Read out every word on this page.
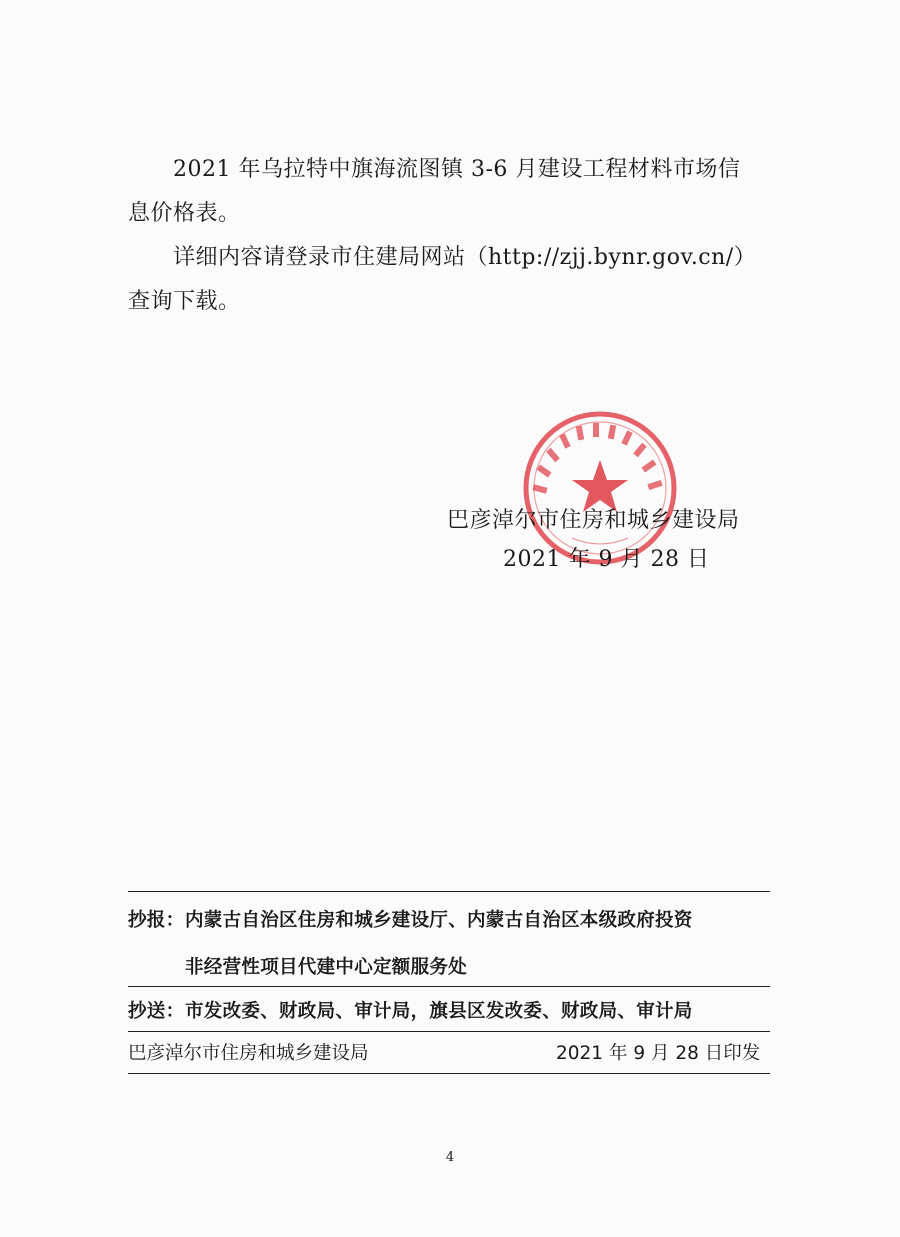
2021 年乌拉特中旗海流图镇 3-6 月建设工程材料市场信
息价格表。
详细内容请登录市住建局网站（http://zjj.bynr.gov.cn/）
查询下载。
巴彦淖尔市住房和城乡建设局
2021 年 9 月 28 日
抄报： 内蒙古自治区住房和城乡建设厅、内蒙古自治区本级政府投资
非经营性项目代建中心定额服务处
抄送： 市发改委、财政局、审计局，旗县区发改委、财政局、审计局
巴彦淖尔市住房和城乡建设局	2021 年 9 月 28 日印发
4
